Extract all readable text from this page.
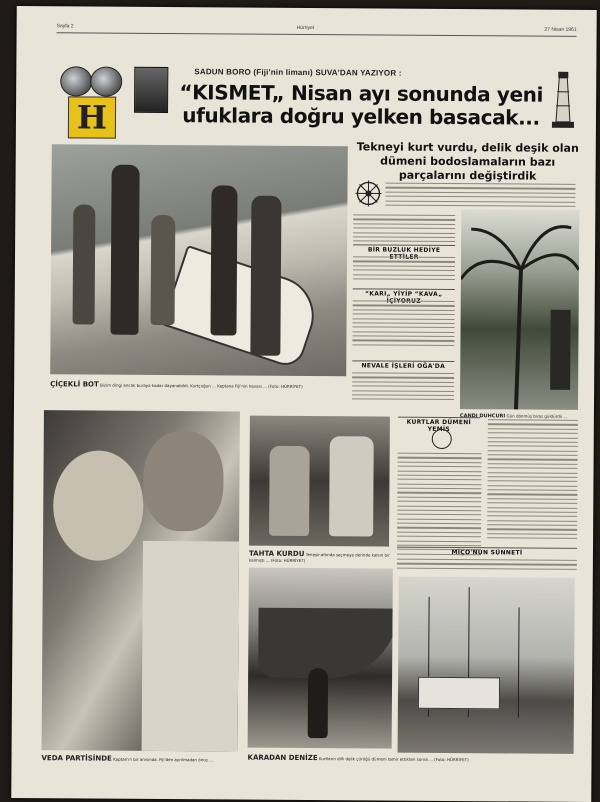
Sayfa 2	Hürriyet	27 Nisan 1961
H
SADUN BORO (Fiji'nin limanı) SUVA'DAN YAZIYOR :
“KISMET„ Nisan ayı sonunda yeni
ufuklara doğru yelken basacak...
Tekneyi kurt vurdu, delik deşik olan dümeni bodoslamaların bazı parçalarını değiştirdik
ÇİÇEKLİ BOT Bizim dingi ancak buraya kadar dayanabildi. Kurtçuğun ... Kaptana Fiji'nin havası ... (Foto: HÜRRİYET)
BİR BUZLUK HEDİYE
“KARI„ YİYİP “KAVA„
NEVALE İŞLERİ OĞA'DA
CANDI DUHCURI Gün dönmüş biraz güldürdü ...
VEDA PARTİSİNDE Kaptan'ın bir anısında. Fiji'den ayrılmadan önce ...
TAHTA KURDU Teneşir-altında seçmeye derinde kalsın bir kalmıştı ... (Foto: HÜRRİYET)
KARADAN DENİZE Kurtların dilli delik çürüğü dümeni tamir ettikten sonra ... (Foto: HÜRRİYET)
KURTLAR DÜMENİ YEMİŞ
MİÇO'NUN SÜNNETİ
